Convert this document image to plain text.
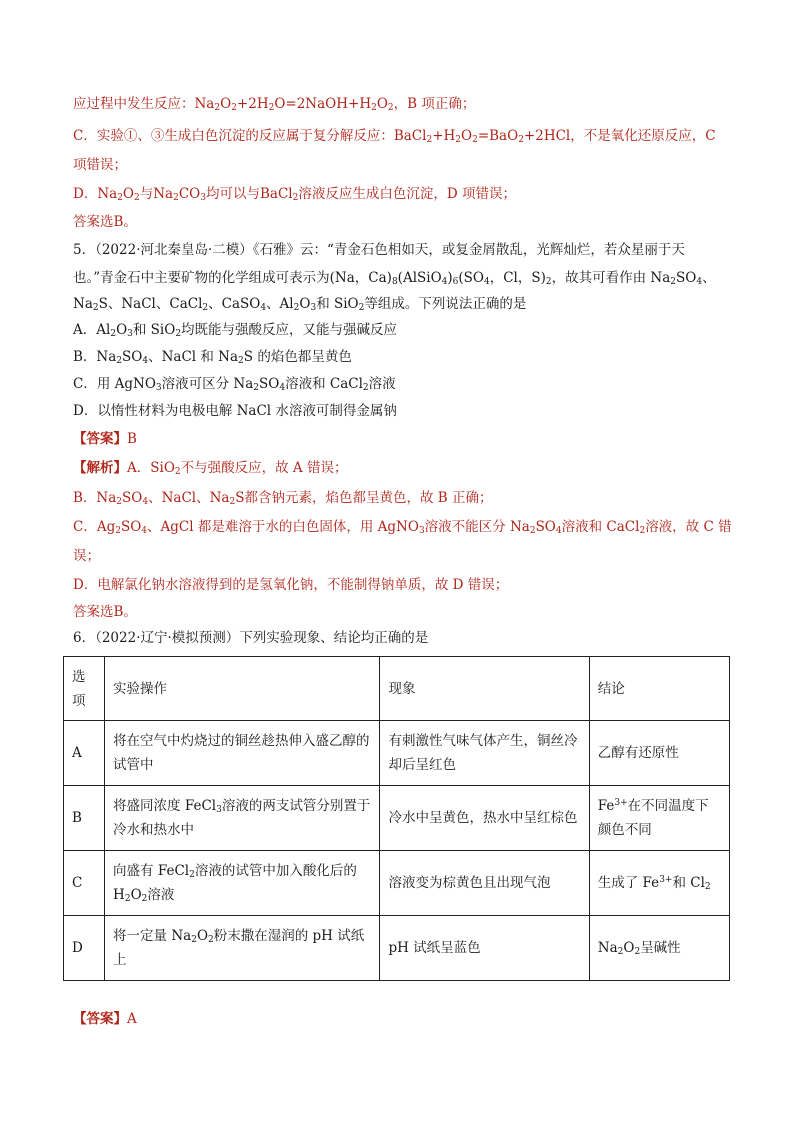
应过程中发生反应：$Na_2O_2+2H_2O=2NaOH+H_2O_2$，B 项正确；
C．实验①、③生成白色沉淀的反应属于复分解反应：$BaCl_2+H_2O_2=BaO_2+2HCl$，不是氧化还原反应，C
项错误；
D．$Na_2O_2$与$Na_2CO_3$均可以与BaCl$_2$溶液反应生成白色沉淀，D 项错误；
答案选B。
5．（2022·河北秦皇岛·二模）《石雅》云：“青金石色相如天，或复金屑散乱，光辉灿烂，若众星丽于天
也。”青金石中主要矿物的化学组成可表示为(Na，$Ca)_8(AlSiO_4)_6(SO_4$，Cl，$S)_2$，故其可看作由 $Na_2SO_4$、
$Na_2S$、NaCl、CaCl$_2$、CaSO$_4$、$Al_2O_3$和 SiO$_2$等组成。下列说法正确的是
A．$Al_2O_3$和 SiO$_2$均既能与强酸反应，又能与强碱反应
B．$Na_2SO_4$、NaCl 和 $Na_2S$ 的焰色都呈黄色
C．用 AgNO$_3$溶液可区分 $Na_2SO_4$溶液和 CaCl$_2$溶液
D．以惰性材料为电极电解 NaCl 水溶液可制得金属钠
【答案】B
【解析】A．SiO$_2$不与强酸反应，故 A 错误；
B．$Na_2SO_4$、NaCl、$Na_2S$都含钠元素，焰色都呈黄色，故 B 正确；
C．$Ag_2SO_4$、AgCl 都是难溶于水的白色固体，用 AgNO$_3$溶液不能区分 $Na_2SO_4$溶液和 CaCl$_2$溶液，故 C 错
误；
D．电解氯化钠水溶液得到的是氢氧化钠，不能制得钠单质，故 D 错误；
答案选B。
6．（2022·辽宁·模拟预测）下列实验现象、结论均正确的是
选项	实验操作	现象	结论
A	将在空气中灼烧过的铜丝趁热伸入盛乙醇的试管中	有刺激性气味气体产生，铜丝冷却后呈红色	乙醇有还原性
B	将盛同浓度 FeCl$_3$溶液的两支试管分别置于冷水和热水中	冷水中呈黄色，热水中呈红棕色	$Fe^{3+}$在不同温度下颜色不同
C	向盛有 FeCl$_2$溶液的试管中加入酸化后的$H_2O_2$溶液	溶液变为棕黄色且出现气泡	生成了 $Fe^{3+}$和 $Cl_2$
D	将一定量 $Na_2O_2$粉末撒在湿润的 pH 试纸上	pH 试纸呈蓝色	$Na_2O_2$呈碱性
【答案】A
